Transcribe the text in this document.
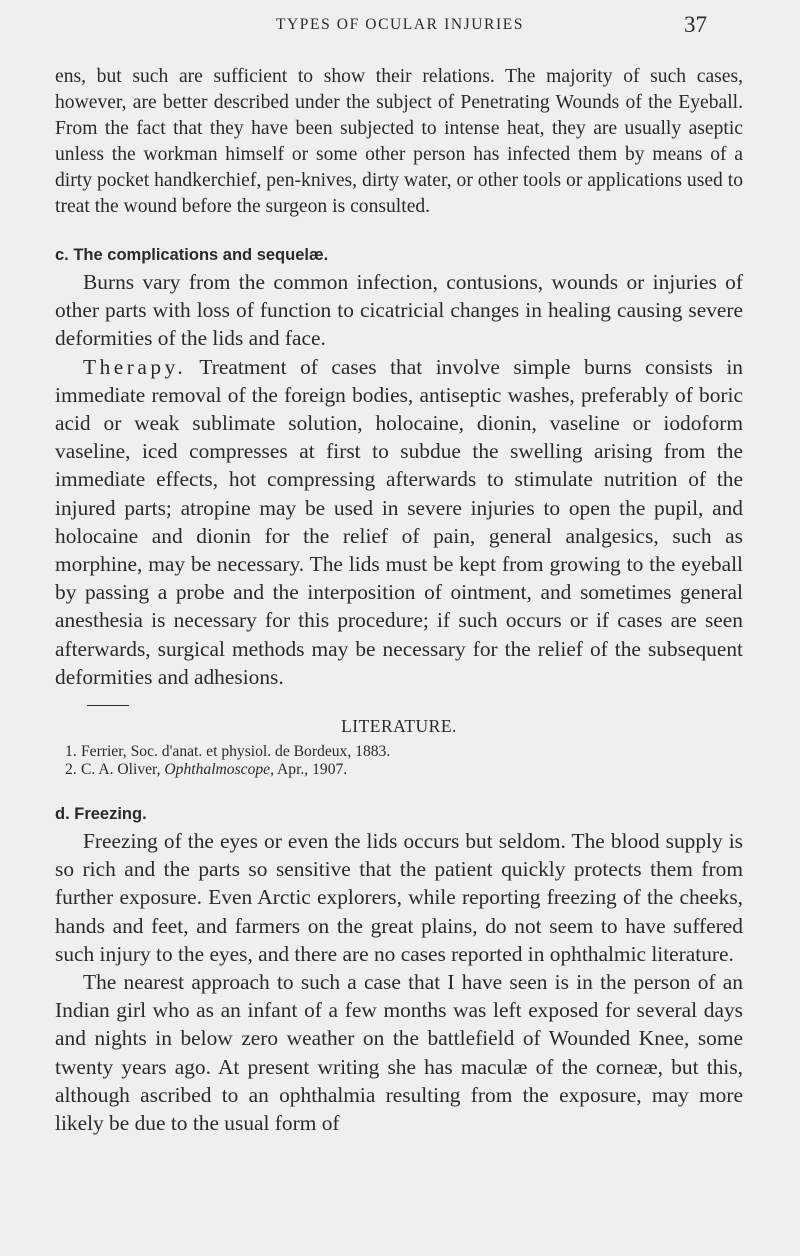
TYPES OF OCULAR INJURIES	37

ens, but such are sufficient to show their relations. The majority of such cases, however, are better described under the subject of Penetrating Wounds of the Eyeball. From the fact that they have been subjected to intense heat, they are usually aseptic unless the workman himself or some other person has infected them by means of a dirty pocket handkerchief, pen-knives, dirty water, or other tools or applications used to treat the wound before the surgeon is consulted.

c. The complications and sequelæ.

Burns vary from the common infection, contusions, wounds or injuries of other parts with loss of function to cicatricial changes in healing causing severe deformities of the lids and face.

Therapy. Treatment of cases that involve simple burns consists in immediate removal of the foreign bodies, antiseptic washes, preferably of boric acid or weak sublimate solution, holocaine, dionin, vaseline or iodoform vaseline, iced compresses at first to subdue the swelling arising from the immediate effects, hot compressing afterwards to stimulate nutrition of the injured parts; atropine may be used in severe injuries to open the pupil, and holocaine and dionin for the relief of pain, general analgesics, such as morphine, may be necessary. The lids must be kept from growing to the eyeball by passing a probe and the interposition of ointment, and sometimes general anesthesia is necessary for this procedure; if such occurs or if cases are seen afterwards, surgical methods may be necessary for the relief of the subsequent deformities and adhesions.

LITERATURE.
1. Ferrier, Soc. d'anat. et physiol. de Bordeux, 1883.
2. C. A. Oliver, Ophthalmoscope, Apr., 1907.
d. Freezing.

Freezing of the eyes or even the lids occurs but seldom. The blood supply is so rich and the parts so sensitive that the patient quickly protects them from further exposure. Even Arctic explorers, while reporting freezing of the cheeks, hands and feet, and farmers on the great plains, do not seem to have suffered such injury to the eyes, and there are no cases reported in ophthalmic literature.

The nearest approach to such a case that I have seen is in the person of an Indian girl who as an infant of a few months was left exposed for several days and nights in below zero weather on the battlefield of Wounded Knee, some twenty years ago. At present writing she has maculæ of the corneæ, but this, although ascribed to an ophthalmia resulting from the exposure, may more likely be due to the usual form of
